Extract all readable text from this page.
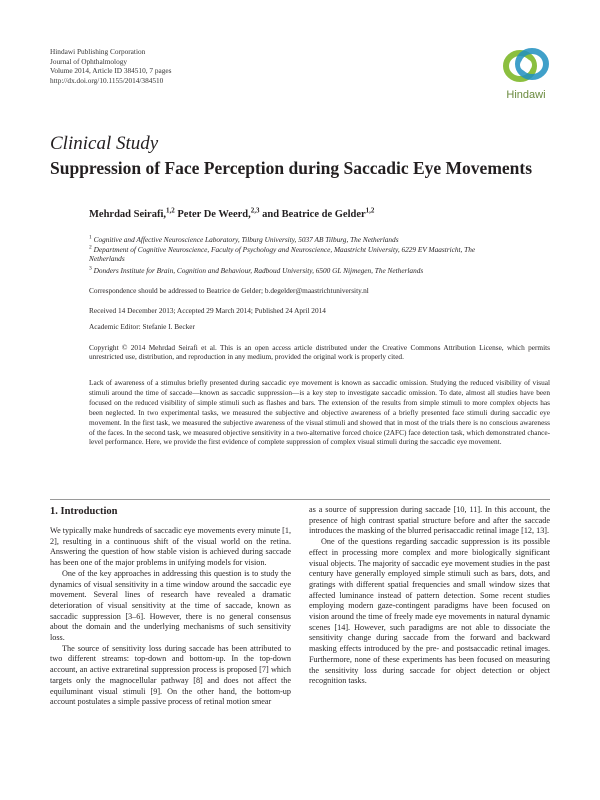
Hindawi Publishing Corporation
Journal of Ophthalmology
Volume 2014, Article ID 384510, 7 pages
http://dx.doi.org/10.1155/2014/384510
Hindawi
Clinical Study
Suppression of Face Perception during Saccadic Eye Movements
Mehrdad Seirafi,$^{1,2}$ Peter De Weerd,$^{2,3}$ and Beatrice de Gelder$^{1,2}$
$^1$ Cognitive and Affective Neuroscience Laboratory, Tilburg University, 5037 AB Tilburg, The Netherlands
$^2$ Department of Cognitive Neuroscience, Faculty of Psychology and Neuroscience, Maastricht University, 6229 EV Maastricht, The Netherlands
$^3$ Donders Institute for Brain, Cognition and Behaviour, Radboud University, 6500 GL Nijmegen, The Netherlands
Correspondence should be addressed to Beatrice de Gelder; b.degelder@maastrichtuniversity.nl
Received 14 December 2013; Accepted 29 March 2014; Published 24 April 2014
Academic Editor: Stefanie I. Becker
Copyright © 2014 Mehrdad Seirafi et al. This is an open access article distributed under the Creative Commons Attribution License, which permits unrestricted use, distribution, and reproduction in any medium, provided the original work is properly cited.
Lack of awareness of a stimulus briefly presented during saccadic eye movement is known as saccadic omission. Studying the reduced visibility of visual stimuli around the time of saccade—known as saccadic suppression—is a key step to investigate saccadic omission. To date, almost all studies have been focused on the reduced visibility of simple stimuli such as flashes and bars. The extension of the results from simple stimuli to more complex objects has been neglected. In two experimental tasks, we measured the subjective and objective awareness of a briefly presented face stimuli during saccadic eye movement. In the first task, we measured the subjective awareness of the visual stimuli and showed that in most of the trials there is no conscious awareness of the faces. In the second task, we measured objective sensitivity in a two-alternative forced choice (2AFC) face detection task, which demonstrated chance-level performance. Here, we provide the first evidence of complete suppression of complex visual stimuli during the saccadic eye movement.
1. Introduction

We typically make hundreds of saccadic eye movements every minute [1, 2], resulting in a continuous shift of the visual world on the retina. Answering the question of how stable vision is achieved during saccade has been one of the major problems in unifying models for vision.

One of the key approaches in addressing this question is to study the dynamics of visual sensitivity in a time window around the saccadic eye movement. Several lines of research have revealed a dramatic deterioration of visual sensitivity at the time of saccade, known as saccadic suppression [3–6]. However, there is no general consensus about the domain and the underlying mechanisms of such sensitivity loss.

The source of sensitivity loss during saccade has been attributed to two different streams: top-down and bottom-up. In the top-down account, an active extraretinal suppression process is proposed [7] which targets only the magnocellular pathway [8] and does not affect the equiluminant visual stimuli [9]. On the other hand, the bottom-up account postulates a simple passive process of retinal motion smear

as a source of suppression during saccade [10, 11]. In this account, the presence of high contrast spatial structure before and after the saccade introduces the masking of the blurred perisaccadic retinal image [12, 13].

One of the questions regarding saccadic suppression is its possible effect in processing more complex and more biologically significant visual objects. The majority of saccadic eye movement studies in the past century have generally employed simple stimuli such as bars, dots, and gratings with different spatial frequencies and small window sizes that affected luminance instead of pattern detection. Some recent studies employing modern gaze-contingent paradigms have been focused on vision around the time of freely made eye movements in natural dynamic scenes [14]. However, such paradigms are not able to dissociate the sensitivity change during saccade from the forward and backward masking effects introduced by the pre- and postsaccadic retinal images. Furthermore, none of these experiments has been focused on measuring the sensitivity loss during saccade for object detection or object recognition tasks.
